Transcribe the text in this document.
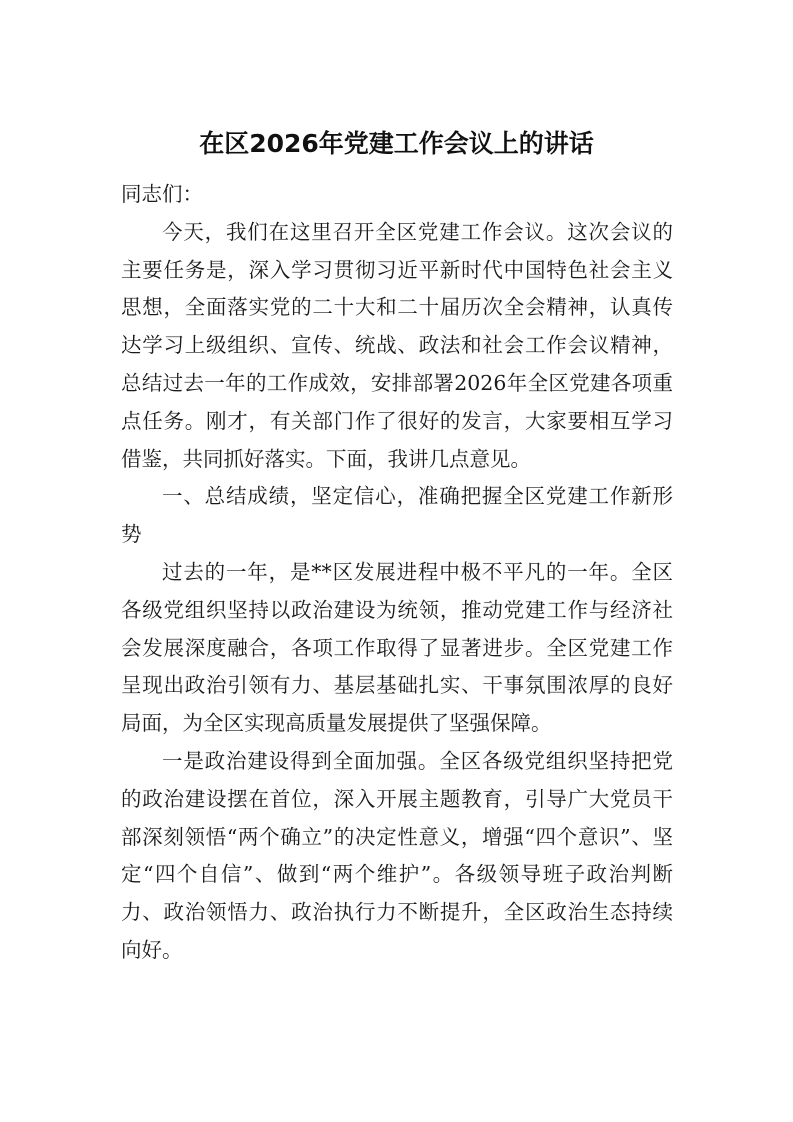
在区2026年党建工作会议上的讲话

同志们：

今天，我们在这里召开全区党建工作会议。这次会议的主要任务是，深入学习贯彻习近平新时代中国特色社会主义思想，全面落实党的二十大和二十届历次全会精神，认真传达学习上级组织、宣传、统战、政法和社会工作会议精神，总结过去一年的工作成效，安排部署2026年全区党建各项重点任务。刚才，有关部门作了很好的发言，大家要相互学习借鉴，共同抓好落实。下面，我讲几点意见。

一、总结成绩，坚定信心，准确把握全区党建工作新形势

过去的一年，是**区发展进程中极不平凡的一年。全区各级党组织坚持以政治建设为统领，推动党建工作与经济社会发展深度融合，各项工作取得了显著进步。全区党建工作呈现出政治引领有力、基层基础扎实、干事氛围浓厚的良好局面，为全区实现高质量发展提供了坚强保障。

一是政治建设得到全面加强。全区各级党组织坚持把党的政治建设摆在首位，深入开展主题教育，引导广大党员干部深刻领悟“两个确立”的决定性意义，增强“四个意识”、坚定“四个自信”、做到“两个维护”。各级领导班子政治判断力、政治领悟力、政治执行力不断提升，全区政治生态持续向好。
